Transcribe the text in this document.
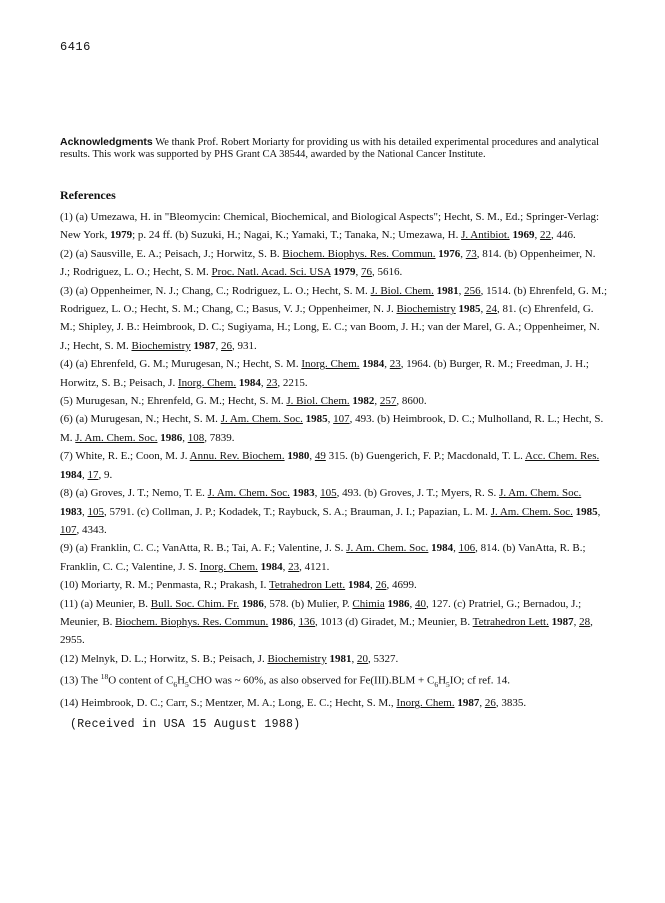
6416

Acknowledgments We thank Prof. Robert Moriarty for providing us with his detailed experimental procedures and analytical results. This work was supported by PHS Grant CA 38544, awarded by the National Cancer Institute.

References

(1) (a) Umezawa, H. in "Bleomycin: Chemical, Biochemical, and Biological Aspects"; Hecht, S. M., Ed.; Springer-Verlag: New York, 1979; p. 24 ff. (b) Suzuki, H.; Nagai, K.; Yamaki, T.; Tanaka, N.; Umezawa, H. J. Antibiot. 1969, 22, 446.

(2) (a) Sausville, E. A.; Peisach, J.; Horwitz, S. B. Biochem. Biophys. Res. Commun. 1976, 73, 814. (b) Oppenheimer, N. J.; Rodriguez, L. O.; Hecht, S. M. Proc. Natl. Acad. Sci. USA 1979, 76, 5616.

(3) (a) Oppenheimer, N. J.; Chang, C.; Rodriguez, L. O.; Hecht, S. M. J. Biol. Chem. 1981, 256, 1514. (b) Ehrenfeld, G. M.; Rodriguez, L. O.; Hecht, S. M.; Chang, C.; Basus, V. J.; Oppenheimer, N. J. Biochemistry 1985, 24, 81. (c) Ehrenfeld, G. M.; Shipley, J. B.: Heimbrook, D. C.; Sugiyama, H.; Long, E. C.; van Boom, J. H.; van der Marel, G. A.; Oppenheimer, N. J.; Hecht, S. M. Biochemistry 1987, 26, 931.

(4) (a) Ehrenfeld, G. M.; Murugesan, N.; Hecht, S. M. Inorg. Chem. 1984, 23, 1964. (b) Burger, R. M.; Freedman, J. H.; Horwitz, S. B.; Peisach, J. Inorg. Chem. 1984, 23, 2215.

(5) Murugesan, N.; Ehrenfeld, G. M.; Hecht, S. M. J. Biol. Chem. 1982, 257, 8600.

(6) (a) Murugesan, N.; Hecht, S. M. J. Am. Chem. Soc. 1985, 107, 493. (b) Heimbrook, D. C.; Mulholland, R. L.; Hecht, S. M. J. Am. Chem. Soc. 1986, 108, 7839.

(7) White, R. E.; Coon, M. J. Annu. Rev. Biochem. 1980, 49 315. (b) Guengerich, F. P.; Macdonald, T. L. Acc. Chem. Res. 1984, 17, 9.

(8) (a) Groves, J. T.; Nemo, T. E. J. Am. Chem. Soc. 1983, 105, 493. (b) Groves, J. T.; Myers, R. S. J. Am. Chem. Soc. 1983, 105, 5791. (c) Collman, J. P.; Kodadek, T.; Raybuck, S. A.; Brauman, J. I.; Papazian, L. M. J. Am. Chem. Soc. 1985, 107, 4343.

(9) (a) Franklin, C. C.; VanAtta, R. B.; Tai, A. F.; Valentine, J. S. J. Am. Chem. Soc. 1984, 106, 814. (b) VanAtta, R. B.; Franklin, C. C.; Valentine, J. S. Inorg. Chem. 1984, 23, 4121.

(10) Moriarty, R. M.; Penmasta, R.; Prakash, I. Tetrahedron Lett. 1984, 26, 4699.

(11) (a) Meunier, B. Bull. Soc. Chim. Fr. 1986, 578. (b) Mulier, P. Chimia 1986, 40, 127. (c) Pratriel, G.; Bernadou, J.; Meunier, B. Biochem. Biophys. Res. Commun. 1986, 136, 1013 (d) Giradet, M.; Meunier, B. Tetrahedron Lett. 1987, 28, 2955.

(12) Melnyk, D. L.; Horwitz, S. B.; Peisach, J. Biochemistry 1981, 20, 5327.

(13) The $^{18}$O content of $C_6H_5CHO$ was ~ 60%, as also observed for $Fe(III).BLM + C_6H_5IO$; cf ref. 14.

(14) Heimbrook, D. C.; Carr, S.; Mentzer, M. A.; Long, E. C.; Hecht, S. M., Inorg. Chem. 1987, 26, 3835.

(Received in USA 15 August 1988)
